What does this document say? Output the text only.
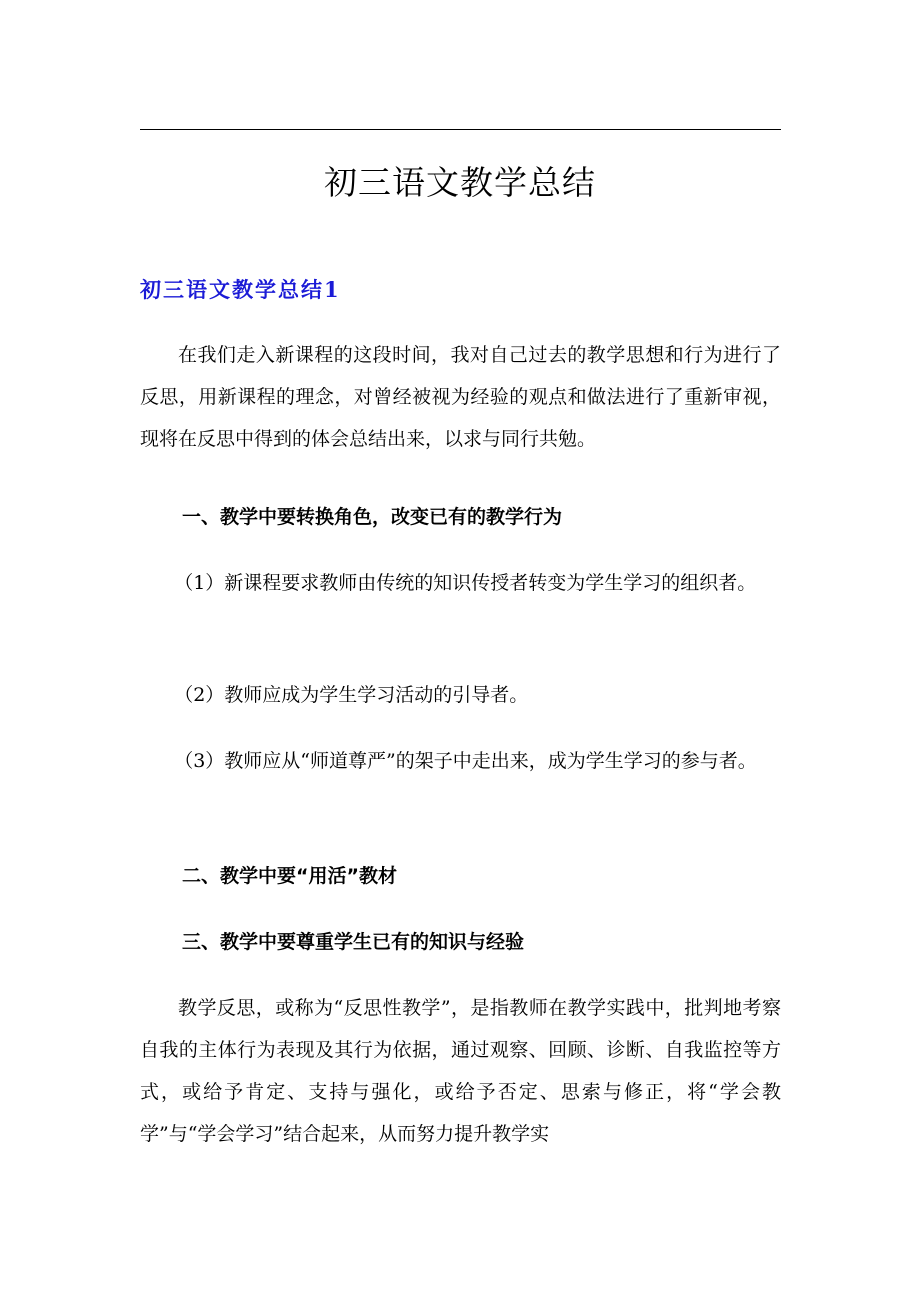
初三语文教学总结
初三语文教学总结1

在我们走入新课程的这段时间，我对自己过去的教学思想和行为进行了反思，用新课程的理念，对曾经被视为经验的观点和做法进行了重新审视，现将在反思中得到的体会总结出来，以求与同行共勉。

一、教学中要转换角色，改变已有的教学行为

（1）新课程要求教师由传统的知识传授者转变为学生学习的组织者。

（2）教师应成为学生学习活动的引导者。

（3）教师应从“师道尊严”的架子中走出来，成为学生学习的参与者。

二、教学中要“用活”教材
三、教学中要尊重学生已有的知识与经验

教学反思，或称为“反思性教学”，是指教师在教学实践中，批判地考察自我的主体行为表现及其行为依据，通过观察、回顾、诊断、自我监控等方式，或给予肯定、支持与强化，或给予否定、思索与修正，将“学会教学”与“学会学习”结合起来，从而努力提升教学实
